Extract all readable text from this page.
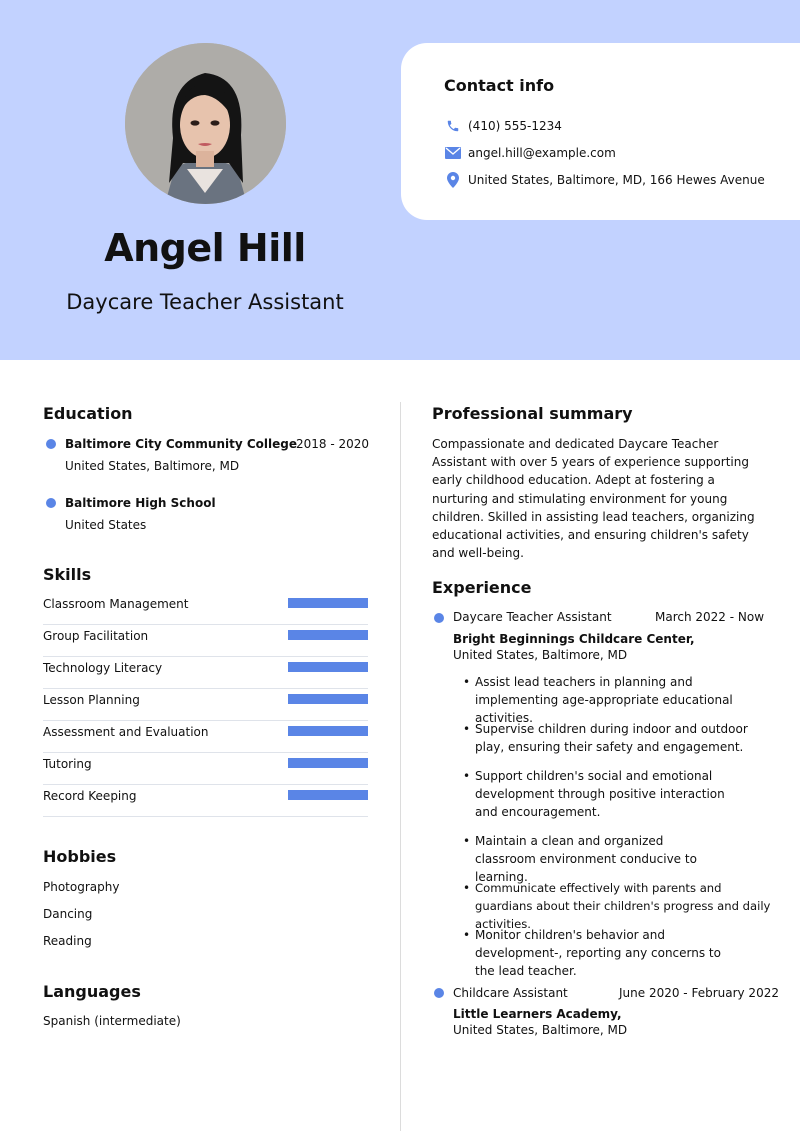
Angel Hill
Daycare Teacher Assistant
Contact info
(410) 555-1234
angel.hill@example.com
United States, Baltimore, MD, 166 Hewes Avenue
Education
Baltimore City Community College 2018 - 2020
United States, Baltimore, MD
Baltimore High School
United States
Skills
Classroom Management
Group Facilitation
Technology Literacy
Lesson Planning
Assessment and Evaluation
Tutoring
Record Keeping
Hobbies
Photography
Dancing
Reading
Languages
Spanish (intermediate)
Professional summary
Compassionate and dedicated Daycare Teacher Assistant with over 5 years of experience supporting early childhood education. Adept at fostering a nurturing and stimulating environment for young children. Skilled in assisting lead teachers, organizing educational activities, and ensuring children's safety and well-being.
Experience
Daycare Teacher Assistant	March 2022 - Now
Bright Beginnings Childcare Center,
United States, Baltimore, MD
• Assist lead teachers in planning and implementing age-appropriate educational activities.
• Supervise children during indoor and outdoor play, ensuring their safety and engagement.
• Support children's social and emotional development through positive interaction and encouragement.
• Maintain a clean and organized classroom environment conducive to learning.
• Communicate effectively with parents and guardians about their children's progress and daily activities.
• Monitor children's behavior and development-, reporting any concerns to the lead teacher.
Childcare Assistant	June 2020 - February 2022
Little Learners Academy,
United States, Baltimore, MD
